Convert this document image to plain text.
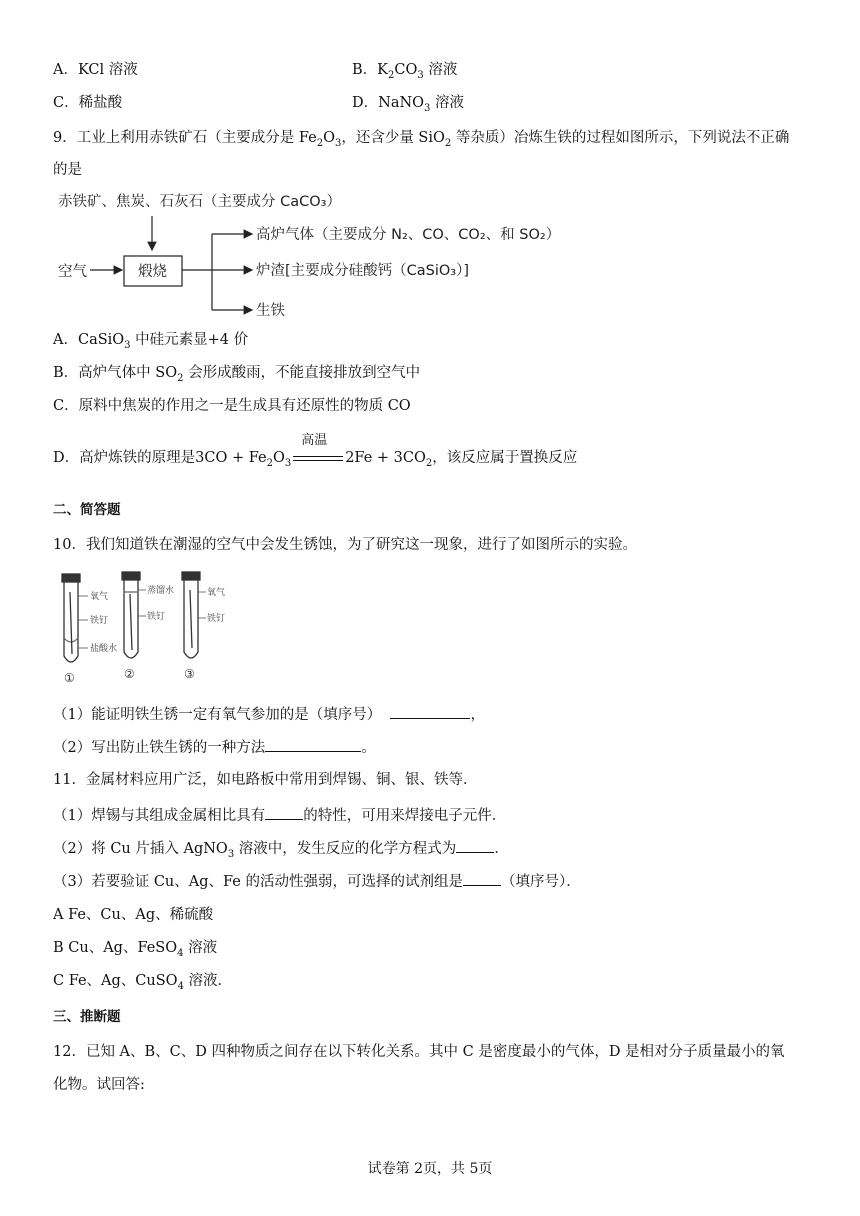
A．KCl 溶液	B．$K_2CO_3$ 溶液
C．稀盐酸	D．NaNO$_3$ 溶液
9．工业上利用赤铁矿石（主要成分是 $Fe_2O_3$，还含少量 SiO$_2$ 等杂质）冶炼生铁的过程如图所示，下列说法不正确
的是
赤铁矿、焦炭、石灰石（主要成分 CaCO₃）
空气	煅烧
高炉气体（主要成分 N₂、CO、CO₂、和 SO₂）
炉渣[主要成分硅酸钙（CaSiO₃）]
生铁
A．CaSiO$_3$ 中硅元素显+4 价
B．高炉气体中 $SO_2$ 会形成酸雨，不能直接排放到空气中
C．原料中焦炭的作用之一是生成具有还原性的物质 CO
D．高炉炼铁的原理是$3CO + Fe_2O_3$
高温
$2Fe + 3CO_2$，该反应属于置换反应
二、简答题
10．我们知道铁在潮湿的空气中会发生锈蚀，为了研究这一现象，进行了如图所示的实验。
氧气
铁钉
盐酸水
蒸馏水
铁钉
氧气
铁钉
①	②	③
（1）能证明铁生锈一定有氧气参加的是（填序号）	，
（2）写出防止铁生锈的一种方法	。
11．金属材料应用广泛，如电路板中常用到焊锡、铜、银、铁等．
（1）焊锡与其组成金属相比具有	的特性，可用来焊接电子元件．
（2）将 Cu 片插入 AgNO$_3$ 溶液中，发生反应的化学方程式为	．
（3）若要验证 Cu、Ag、Fe 的活动性强弱，可选择的试剂组是	（填序号）．
A Fe、Cu、Ag、稀硫酸
B Cu、Ag、FeSO$_4$ 溶液
C Fe、Ag、CuSO$_4$ 溶液．
三、推断题
12．已知 A、B、C、D 四种物质之间存在以下转化关系。其中 C 是密度最小的气体，D 是相对分子质量最小的氧
化物。试回答:
试卷第 2页，共 5页
